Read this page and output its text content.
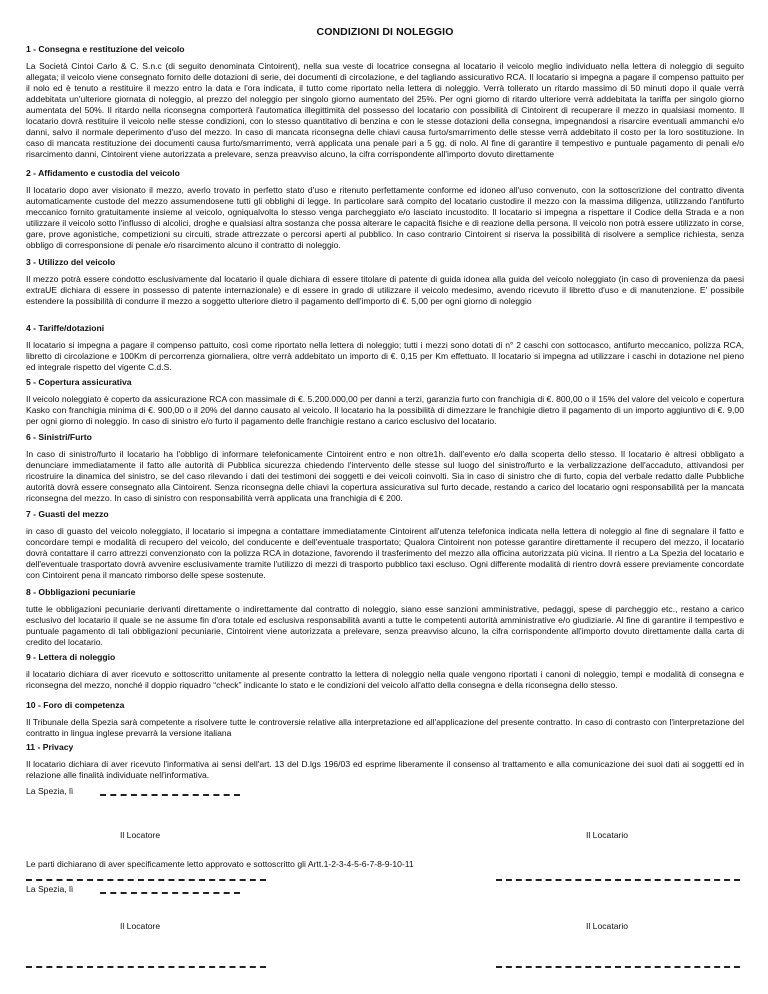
CONDIZIONI DI NOLEGGIO

1 - Consegna e restituzione del veicolo

La Società Cintoi Carlo & C. S.n.c (di seguito denominata Cintoirent), nella sua veste di locatrice consegna al locatario il veicolo meglio individuato nella lettera di noleggio di seguito allegata; il veicolo viene consegnato fornito delle dotazioni di serie, dei documenti di circolazione, e del tagliando assicurativo RCA. Il locatario si impegna a pagare il compenso pattuito per il nolo ed è tenuto a restituire il mezzo entro la data e l'ora indicata, il tutto come riportato nella lettera di noleggio. Verrà tollerato un ritardo massimo di 50 minuti dopo il quale verrà addebitata un'ulteriore giornata di noleggio, al prezzo del noleggio per singolo giorno aumentato del 25%. Per ogni giorno di ritardo ulteriore verrà addebitata la tariffa per singolo giorno aumentata del 50%. Il ritardo nella riconsegna comporterà l'automatica illegittimità del possesso del locatario con possibilità di Cintoirent di recuperare il mezzo in qualsiasi momento. Il locatario dovrà restituire il veicolo nelle stesse condizioni, con lo stesso quantitativo di benzina e con le stesse dotazioni della consegna, impegnandosi a risarcire eventuali ammanchi e/o danni, salvo il normale deperimento d'uso del mezzo. In caso di mancata riconsegna delle chiavi causa furto/smarrimento delle stesse verrà addebitato il costo per la loro sostituzione. In caso di mancata restituzione dei documenti causa furto/smarrimento, verrà applicata una penale pari a 5 gg. di nolo. Al fine di garantire il tempestivo e puntuale pagamento di penali e/o risarcimento danni, Cintoirent viene autorizzata a prelevare, senza preavviso alcuno, la cifra corrispondente all'importo dovuto direttamente

2 - Affidamento e custodia del veicolo

Il locatario dopo aver visionato il mezzo, averlo trovato in perfetto stato d'uso e ritenuto perfettamente conforme ed idoneo all'uso convenuto, con la sottoscrizione del contratto diventa automaticamente custode del mezzo assumendosene tutti gli obblighi di legge. In particolare sarà compito del locatario custodire il mezzo con la massima diligenza, utilizzando l'antifurto meccanico fornito gratuitamente insieme al veicolo, ogniqualvolta lo stesso venga parcheggiato e/o lasciato incustodito. Il locatario si impegna a rispettare il Codice della Strada e a non utilizzare il veicolo sotto l'influsso di alcolici, droghe e qualsiasi altra sostanza che possa alterare le capacità fisiche e di reazione della persona. Il veicolo non potrà essere utilizzato in corse, gare, prove agonistiche, competizioni su circuiti, strade attrezzate o percorsi aperti al pubblico. In caso contrario Cintoirent si riserva la possibilità di risolvere a semplice richiesta, senza obbligo di corresponsione di penale e/o risarcimento alcuno il contratto di noleggio.

3 - Utilizzo del veicolo

Il mezzo potrà essere condotto esclusivamente dal locatario il quale dichiara di essere titolare di patente di guida idonea alla guida del veicolo noleggiato (in caso di provenienza da paesi extraUE dichiara di essere in possesso di patente internazionale) e di essere in grado di utilizzare il veicolo medesimo, avendo ricevuto il libretto d'uso e di manutenzione. E' possibile estendere la possibilità di condurre il mezzo a soggetto ulteriore dietro il pagamento dell'importo di €. 5,00 per ogni giorno di noleggio

4 - Tariffe/dotazioni

Il locatario si impegna a pagare il compenso pattuito, così come riportato nella lettera di noleggio; tutti i mezzi sono dotati di n° 2 caschi con sottocasco, antifurto meccanico, polizza RCA, libretto di circolazione e 100Km di percorrenza giornaliera, oltre verrà addebitato un importo di €. 0,15 per Km effettuato. Il locatario si impegna ad utilizzare i caschi in dotazione nel pieno ed integrale rispetto del vigente C.d.S.

5 - Copertura assicurativa

Il veicolo noleggiato è coperto da assicurazione RCA con massimale di €. 5.200.000,00 per danni a terzi, garanzia furto con franchigia di €. 800,00 o il 15% del valore del veicolo e copertura Kasko con franchigia minima di €. 900,00 o il 20% del danno causato al veicolo. Il locatario ha la possibilità di dimezzare le franchigie dietro il pagamento di un importo aggiuntivo di €. 9,00 per ogni giorno di noleggio. In caso di sinistro e/o furto il pagamento delle franchigie restano a carico esclusivo del locatario.

6 - Sinistri/Furto

In caso di sinistro/furto il locatario ha l'obbligo di informare telefonicamente Cintoirent entro e non oltre1h. dall'evento e/o dalla scoperta dello stesso. Il locatario è altresì obbligato a denunciare immediatamente il fatto alle autorità di Pubblica sicurezza chiedendo l'intervento delle stesse sul luogo del sinistro/furto e la verbalizzazione dell'accaduto, attivandosi per ricostruire la dinamica del sinistro, se del caso rilevando i dati dei testimoni dei soggetti e dei veicoli coinvolti. Sia in caso di sinistro che di furto, copia del verbale redatto dalle Pubbliche autorità dovrà essere consegnato alla Cintoirent. Senza riconsegna delle chiavi la copertura assicurativa sul furto decade, restando a carico del locatario ogni responsabilità per la mancata riconsegna del mezzo. In caso di sinistro con responsabilità verrà applicata una franchigia di € 200.

7 - Guasti del mezzo

in caso di guasto del veicolo noleggiato, il locatario si impegna a contattare immediatamente Cintoirent all'utenza telefonica indicata nella lettera di noleggio al fine di segnalare il fatto e concordare tempi e modalità di recupero del veicolo, del conducente e dell'eventuale trasportato; Qualora Cintoirent non potesse garantire direttamente il recupero del mezzo, il locatario dovrà contattare il carro attrezzi convenzionato con la polizza RCA in dotazione, favorendo il trasferimento del mezzo alla officina autorizzata più vicina. Il rientro a La Spezia del locatario e dell'eventuale trasportato dovrà avvenire esclusivamente tramite l'utilizzo di mezzi di trasporto pubblico taxi escluso. Ogni differente modalità di rientro dovrà essere previamente concordate con Cintoirent pena il mancato rimborso delle spese sostenute.

8 - Obbligazioni pecuniarie

tutte le obbligazioni pecuniarie derivanti direttamente o indirettamente dal contratto di noleggio, siano esse sanzioni amministrative, pedaggi, spese di parcheggio etc., restano a carico esclusivo del locatario il quale se ne assume fin d'ora totale ed esclusiva responsabilità avanti a tutte le competenti autorità amministrative e/o giudiziarie. Al fine di garantire il tempestivo e puntuale pagamento di tali obbligazioni pecuniarie, Cintoirent viene autorizzata a prelevare, senza preavviso alcuno, la cifra corrispondente all'importo dovuto direttamente dalla carta di credito del locatario.

9 - Lettera di noleggio

il locatario dichiara di aver ricevuto e sottoscritto unitamente al presente contratto la lettera di noleggio nella quale vengono riportati i canoni di noleggio, tempi e modalità di consegna e riconsegna del mezzo, nonché il doppio riquadro “check” indicante lo stato e le condizioni del veicolo all'atto della consegna e della riconsegna dello stesso.

10 - Foro di competenza

Il Tribunale della Spezia sarà competente a risolvere tutte le controversie relative alla interpretazione ed all'applicazione del presente contratto. In caso di contrasto con l'interpretazione del contratto in lingua inglese prevarrà la versione italiana

11 - Privacy

Il locatario dichiara di aver ricevuto l'informativa ai sensi dell'art. 13 del D.lgs 196/03 ed esprime liberamente il consenso al trattamento e alla comunicazione dei suoi dati ai soggetti ed in relazione alle finalità individuate nell'informativa.

La Spezia, lì
Il Locatore	Il Locatario
Le parti dichiarano di aver specificamente letto approvato e sottoscritto gli Artt.1-2-3-4-5-6-7-8-9-10-11
La Spezia, lì
Il Locatore	Il Locatario
